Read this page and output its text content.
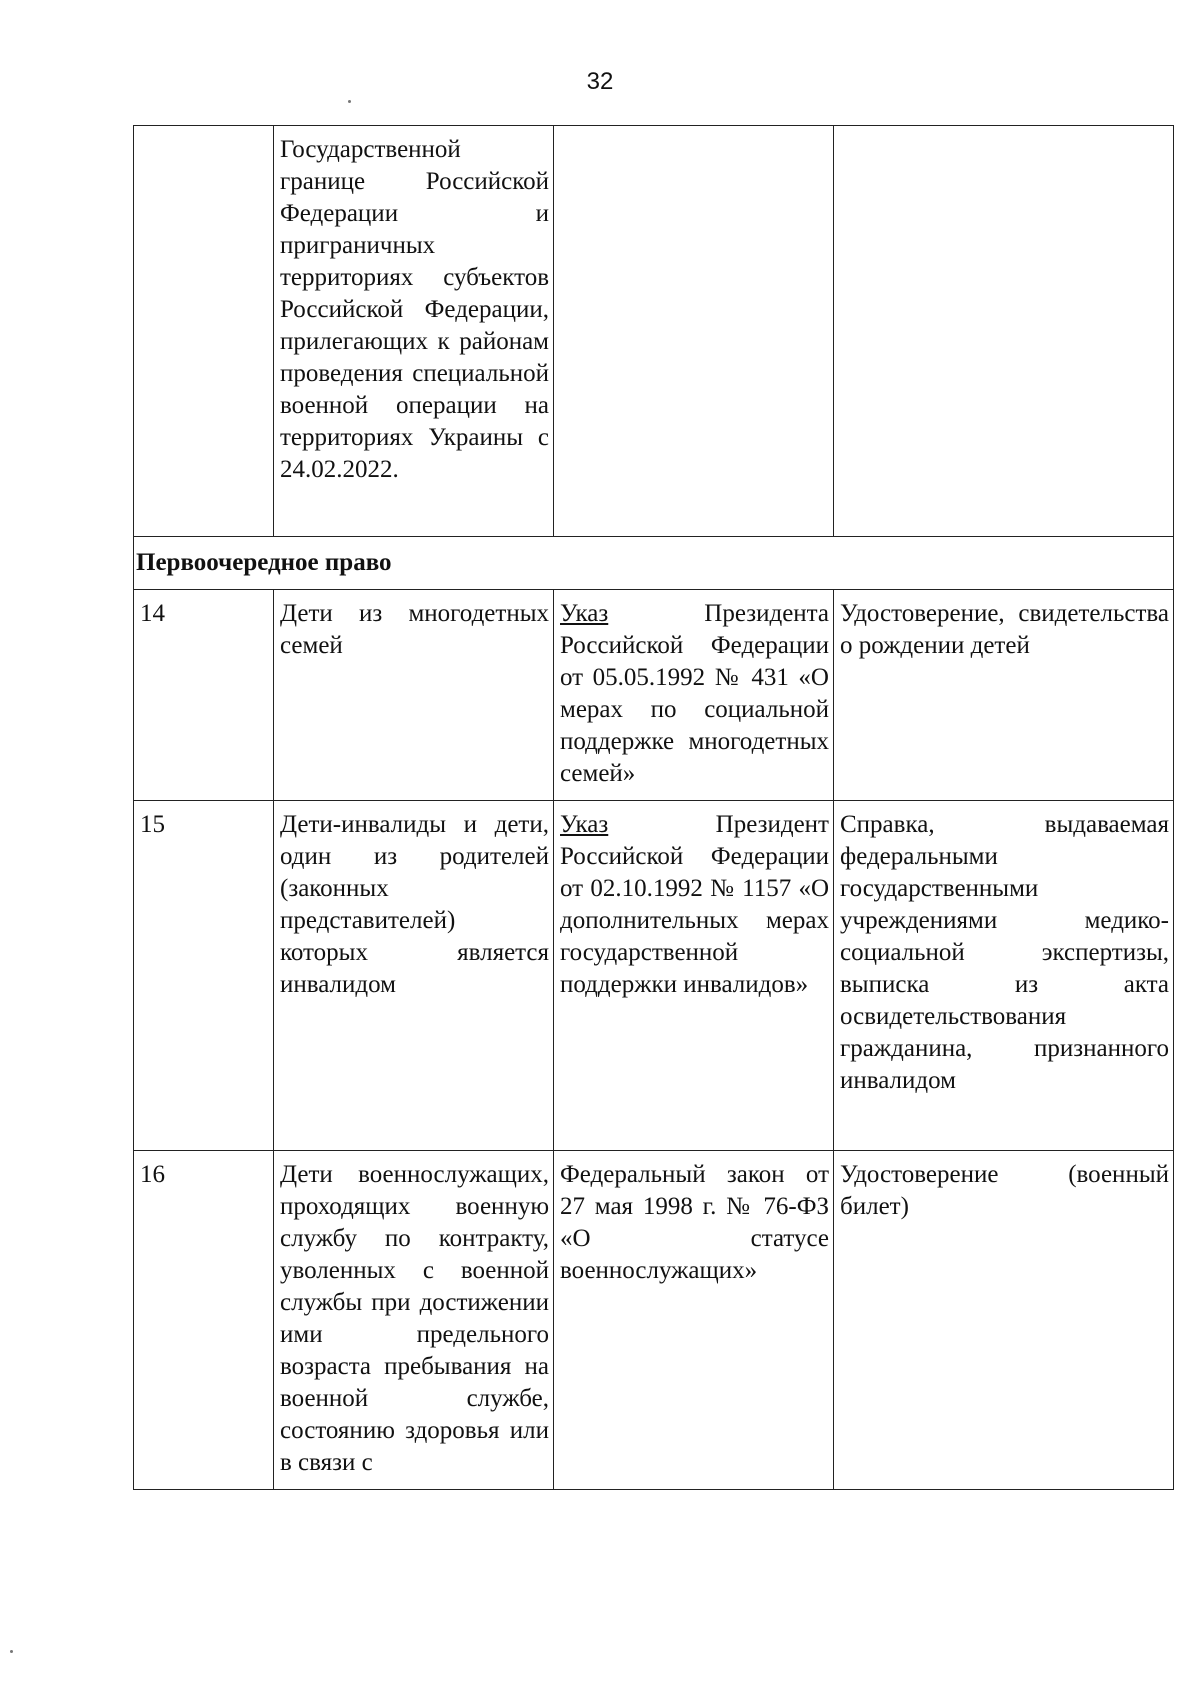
32
	Государственной границе Российской Федерации и приграничных территориях субъектов Российской Федерации, прилегающих к районам проведения специальной военной операции на территориях Украины с 24.02.2022.		
Первоочередное право			
14	Дети из многодетных семей	Указ Президента Российской Федерации от 05.05.1992 № 431 «О мерах по социальной поддержке многодетных семей»	Удостоверение, свидетельства о рождении детей
15	Дети-инвалиды и дети, один из родителей (законных представителей) которых является инвалидом	Указ Президент Российской Федерации от 02.10.1992 № 1157 «О дополнительных мерах государственной поддержки инвалидов»	Справка, выдаваемая федеральными государственными учреждениями медико-социальной экспертизы, выписка из акта освидетельствования гражданина, признанного инвалидом
16	Дети военнослужащих, проходящих военную службу по контракту, уволенных с военной службы при достижении ими предельного возраста пребывания на военной службе, состоянию здоровья или в связи с	Федеральный закон от 27 мая 1998 г. № 76-ФЗ «О статусе военнослужащих»	Удостоверение (военный билет)
